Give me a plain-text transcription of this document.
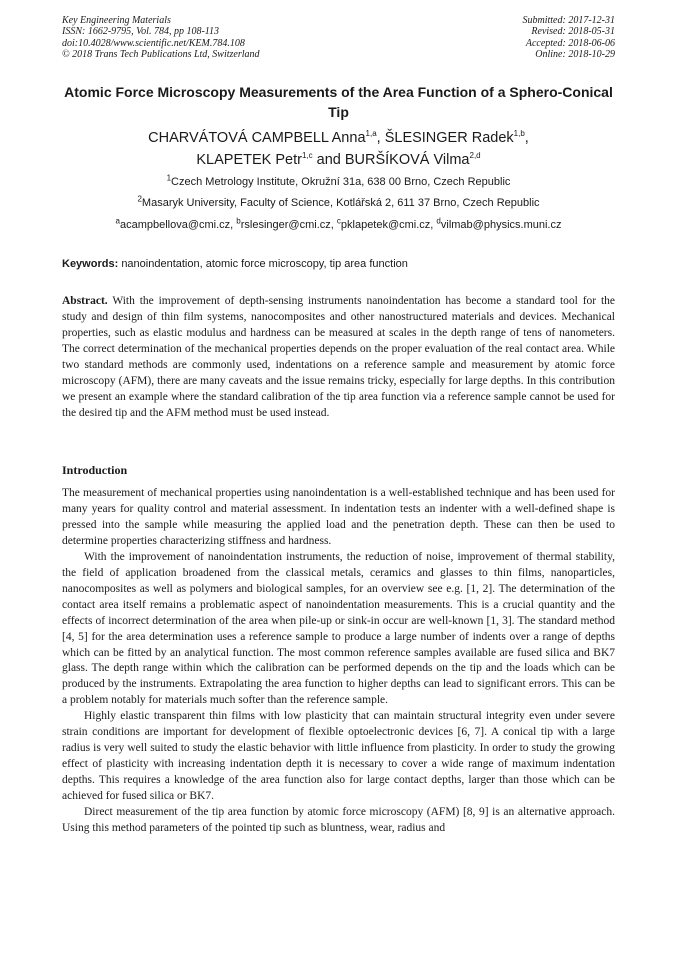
Key Engineering Materials
ISSN: 1662-9795, Vol. 784, pp 108-113
doi:10.4028/www.scientific.net/KEM.784.108
© 2018 Trans Tech Publications Ltd, Switzerland
Submitted: 2017-12-31
Revised: 2018-05-31
Accepted: 2018-06-06
Online: 2018-10-29
Atomic Force Microscopy Measurements of the Area Function of a Sphero-Conical Tip
CHARVÁTOVÁ CAMPBELL Anna$^{1,a}$, ŠLESINGER Radek$^{1,b}$,
KLAPETEK Petr$^{1,c}$ and BURŠÍKOVÁ Vilma$^{2,d}$
$^1$Czech Metrology Institute, Okružní 31a, 638 00 Brno, Czech Republic
$^2$Masaryk University, Faculty of Science, Kotlářská 2, 611 37 Brno, Czech Republic
$^a$acampbellova@cmi.cz, $^b$rslesinger@cmi.cz, $^c$pklapetek@cmi.cz, $^d$vilmab@physics.muni.cz
Keywords: nanoindentation, atomic force microscopy, tip area function

Abstract. With the improvement of depth-sensing instruments nanoindentation has become a standard tool for the study and design of thin film systems, nanocomposites and other nanostructured materials and devices. Mechanical properties, such as elastic modulus and hardness can be measured at scales in the depth range of tens of nanometers. The correct determination of the mechanical properties depends on the proper evaluation of the real contact area. While two standard methods are commonly used, indentations on a reference sample and measurement by atomic force microscopy (AFM), there are many caveats and the issue remains tricky, especially for large depths. In this contribution we present an example where the standard calibration of the tip area function via a reference sample cannot be used for the desired tip and the AFM method must be used instead.

Introduction

The measurement of mechanical properties using nanoindentation is a well-established technique and has been used for many years for quality control and material assessment. In indentation tests an indenter with a well-defined shape is pressed into the sample while measuring the applied load and the penetration depth. These can then be used to determine properties characterizing stiffness and hardness.

With the improvement of nanoindentation instruments, the reduction of noise, improvement of thermal stability, the field of application broadened from the classical metals, ceramics and glasses to thin films, nanoparticles, nanocomposites as well as polymers and biological samples, for an overview see e.g. [1, 2]. The determination of the contact area itself remains a problematic aspect of nanoindentation measurements. This is a crucial quantity and the effects of incorrect determination of the area when pile-up or sink-in occur are well-known [1, 3]. The standard method [4, 5] for the area determination uses a reference sample to produce a large number of indents over a range of depths which can be fitted by an analytical function. The most common reference samples available are fused silica and BK7 glass. The depth range within which the calibration can be performed depends on the tip and the loads which can be produced by the instruments. Extrapolating the area function to higher depths can lead to significant errors. This can be a problem notably for materials much softer than the reference sample.

Highly elastic transparent thin films with low plasticity that can maintain structural integrity even under severe strain conditions are important for development of flexible optoelectronic devices [6, 7]. A conical tip with a large radius is very well suited to study the elastic behavior with little influence from plasticity. In order to study the growing effect of plasticity with increasing indentation depth it is necessary to cover a wide range of maximum indentation depths. This requires a knowledge of the area function also for large contact depths, larger than those which can be achieved for fused silica or BK7.

Direct measurement of the tip area function by atomic force microscopy (AFM) [8, 9] is an alternative approach. Using this method parameters of the pointed tip such as bluntness, wear, radius and
